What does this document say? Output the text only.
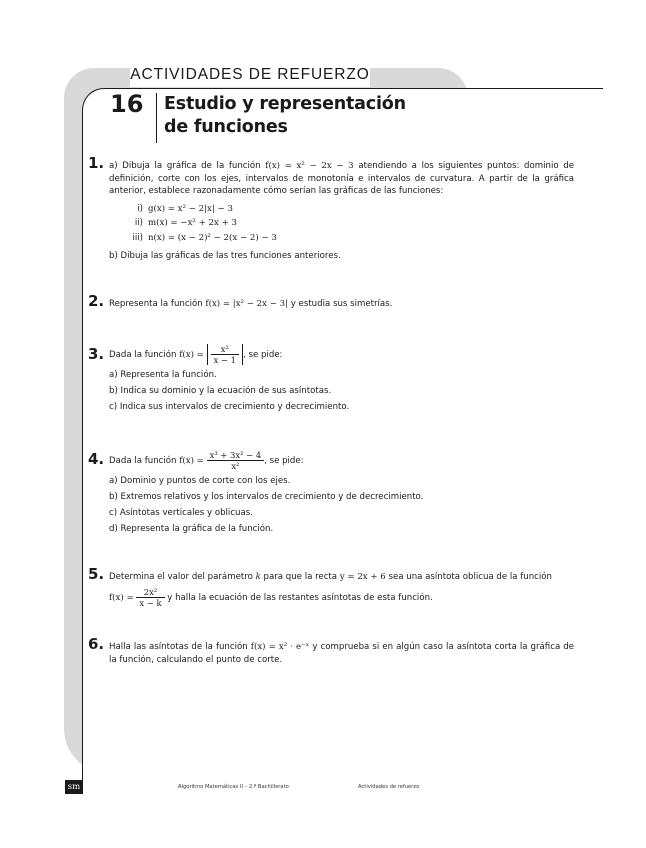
ACTIVIDADES DE REFUERZO
16	Estudio y representación
de funciones
1. a) Dibuja la gráfica de la función f(x) = x² − 2x − 3 atendiendo a los siguientes puntos: dominio de definición, corte con los ejes, intervalos de monotonía e intervalos de curvatura. A partir de la gráfica anterior, establece razonadamente cómo serían las gráficas de las funciones:
i) g(x) = x² − 2|x| − 3
ii) m(x) = −x² + 2x + 3
iii) n(x) = (x − 2)² − 2(x − 2) − 3
b) Dibuja las gráficas de las tres funciones anteriores.
2. Representa la función f(x) = |x² − 2x − 3| y estudia sus simetrías.
3. Dada la función $f(x) = \frac{\text{x²}}{x - 1}$ , se pide:
a) Representa la función.
b) Indica su dominio y la ecuación de sus asíntotas.
c) Indica sus intervalos de crecimiento y decrecimiento.
4. Dada la función $f(x) = \frac{\text{x³ + 3x² − 4}}{\text{x²}}$ , se pide:
a) Dominio y puntos de corte con los ejes.
b) Extremos relativos y los intervalos de crecimiento y de decrecimiento.
c) Asíntotas verticales y oblicuas.
d) Representa la gráfica de la función.
5. Determina el valor del parámetro k para que la recta y = 2x + 6 sea una asíntota oblicua de la función
$f(x) = \frac{\text{2x²}}{x - k}$ y halla la ecuación de las restantes asíntotas de esta función.
6. Halla las asíntotas de la función f(x) = x² · e⁻ˣ y comprueba si en algún caso la asíntota corta la gráfica de la función, calculando el punto de corte.
sm	Algoritmo Matemáticas II – 2.º Bachillerato	Actividades de refuerzo
